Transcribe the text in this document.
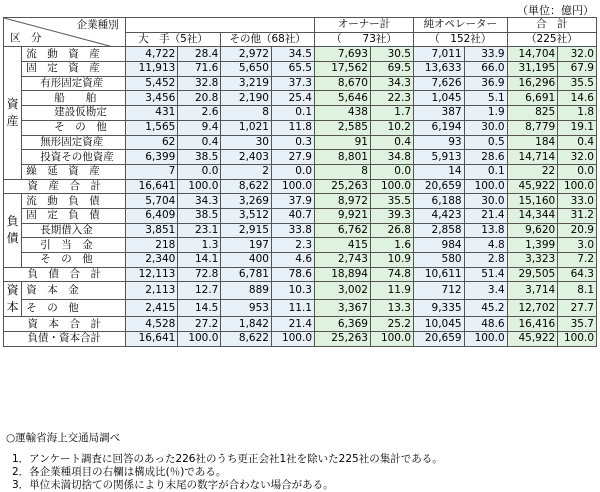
（単位：億円）
企業種別
区　分						オーナー計		純オペレーター		合　計	
		大　手（5社）		その他（68社）		（　　73社）		（　152社）		（225社）	
資
産	流　動　資　産	4,722	28.4	2,972	34.5	7,693	30.5	7,011	33.9	14,704	32.0
	固　定　資　産	11,913	71.6	5,650	65.5	17,562	69.5	13,633	66.0	31,195	67.9
	有形固定資産	5,452	32.8	3,219	37.3	8,670	34.3	7,626	36.9	16,296	35.5
	船　　舶	3,456	20.8	2,190	25.4	5,646	22.3	1,045	5.1	6,691	14.6
	建設仮勘定	431	2.6	8	0.1	438	1.7	387	1.9	825	1.8
	そ　の　他	1,565	9.4	1,021	11.8	2,585	10.2	6,194	30.0	8,779	19.1
	無形固定資産	62	0.4	30	0.3	91	0.4	93	0.5	184	0.4
	投資その他資産	6,399	38.5	2,403	27.9	8,801	34.8	5,913	28.6	14,714	32.0
	繰　延　資　産	7	0.0	2	0.0	8	0.0	14	0.1	22	0.0
資　産　合　計		16,641	100.0	8,622	100.0	25,263	100.0	20,659	100.0	45,922	100.0
負
債	流　動　負　債	5,704	34.3	3,269	37.9	8,972	35.5	6,188	30.0	15,160	33.0
	固　定　負　債	6,409	38.5	3,512	40.7	9,921	39.3	4,423	21.4	14,344	31.2
	長期借入金	3,851	23.1	2,915	33.8	6,762	26.8	2,858	13.8	9,620	20.9
	引　当　金	218	1.3	197	2.3	415	1.6	984	4.8	1,399	3.0
	そ　の　他	2,340	14.1	400	4.6	2,743	10.9	580	2.8	3,323	7.2
負　債　合　計		12,113	72.8	6,781	78.6	18,894	74.8	10,611	51.4	29,505	64.3
資
本	資　本　金	2,113	12.7	889	10.3	3,002	11.9	712	3.4	3,714	8.1
	そ　の　他	2,415	14.5	953	11.1	3,367	13.3	9,335	45.2	12,702	27.7
資　本　合　計		4,528	27.2	1,842	21.4	6,369	25.2	10,045	48.6	16,416	35.7
負債・資本合計		16,641	100.0	8,622	100.0	25,263	100.0	20,659	100.0	45,922	100.0
○運輸省海上交通局調べ
1．アンケート調査に回答のあった226社のうち更正会社1社を除いた225社の集計である。
2．各企業種項目の右欄は構成比(％)である。
3．単位未満切捨ての関係により末尾の数字が合わない場合がある。
